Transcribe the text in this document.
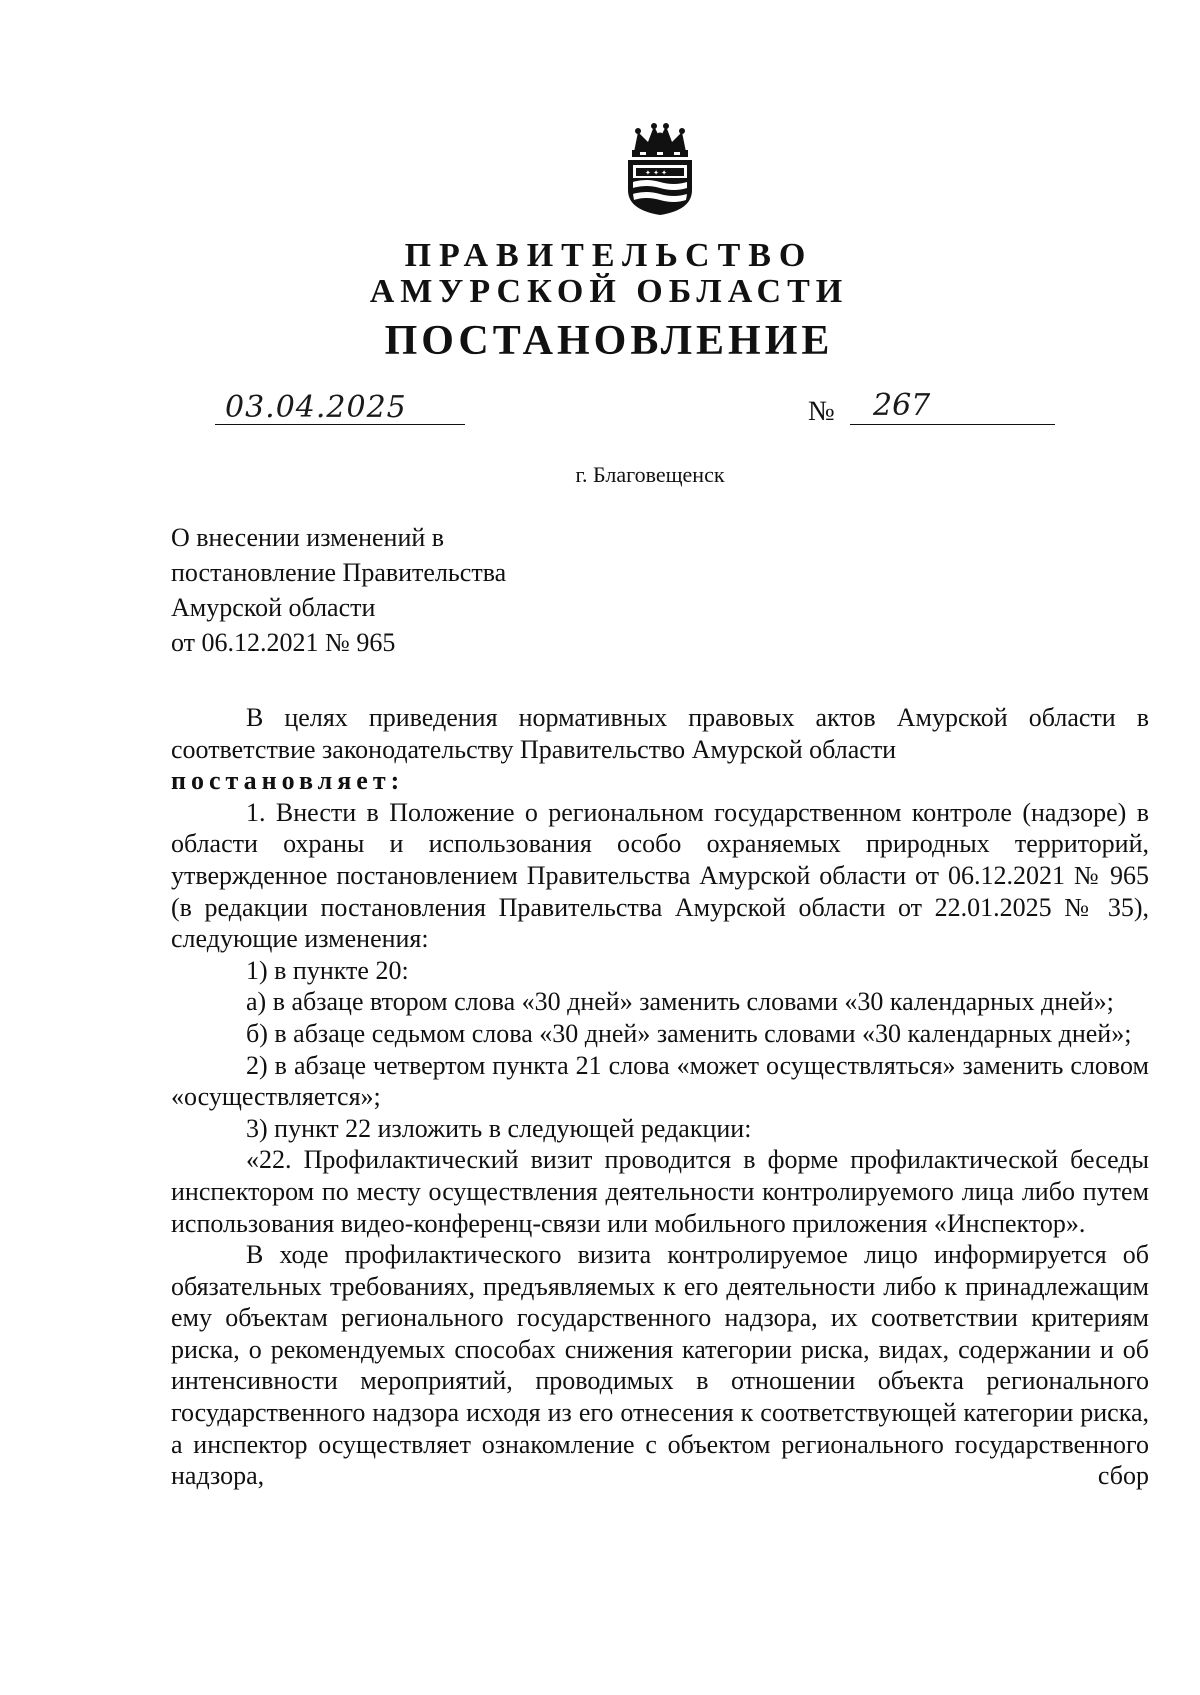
✦ ✦ ✦
ПРАВИТЕЛЬСТВО
АМУРСКОЙ ОБЛАСТИ
ПОСТАНОВЛЕНИЕ
03.04.2025	№ 267
г. Благовещенск
О внесении изменений в
постановление Правительства
Амурской области
от 06.12.2021 № 965

В целях приведения нормативных правовых актов Амурской области в соответствие законодательству Правительство Амурской области

постановляет:

1. Внести в Положение о региональном государственном контроле (надзоре) в области охраны и использования особо охраняемых природных территорий, утвержденное постановлением Правительства Амурской области от 06.12.2021 № 965 (в редакции постановления Правительства Амурской области от 22.01.2025 № 35), следующие изменения:

1) в пункте 20:

а) в абзаце втором слова «30 дней» заменить словами «30 календарных дней»;

б) в абзаце седьмом слова «30 дней» заменить словами «30 календарных дней»;

2) в абзаце четвертом пункта 21 слова «может осуществляться» заменить словом «осуществляется»;

3) пункт 22 изложить в следующей редакции:

«22. Профилактический визит проводится в форме профилактической беседы инспектором по месту осуществления деятельности контролируемого лица либо путем использования видео-конференц-связи или мобильного приложения «Инспектор».

В ходе профилактического визита контролируемое лицо информируется об обязательных требованиях, предъявляемых к его деятельности либо к принадлежащим ему объектам регионального государственного надзора, их соответствии критериям риска, о рекомендуемых способах снижения категории риска, видах, содержании и об интенсивности мероприятий, проводимых в отношении объекта регионального государственного надзора исходя из его отнесения к соответствующей категории риска, а инспектор осуществляет ознакомление с объектом регионального государственного надзора, сбор
